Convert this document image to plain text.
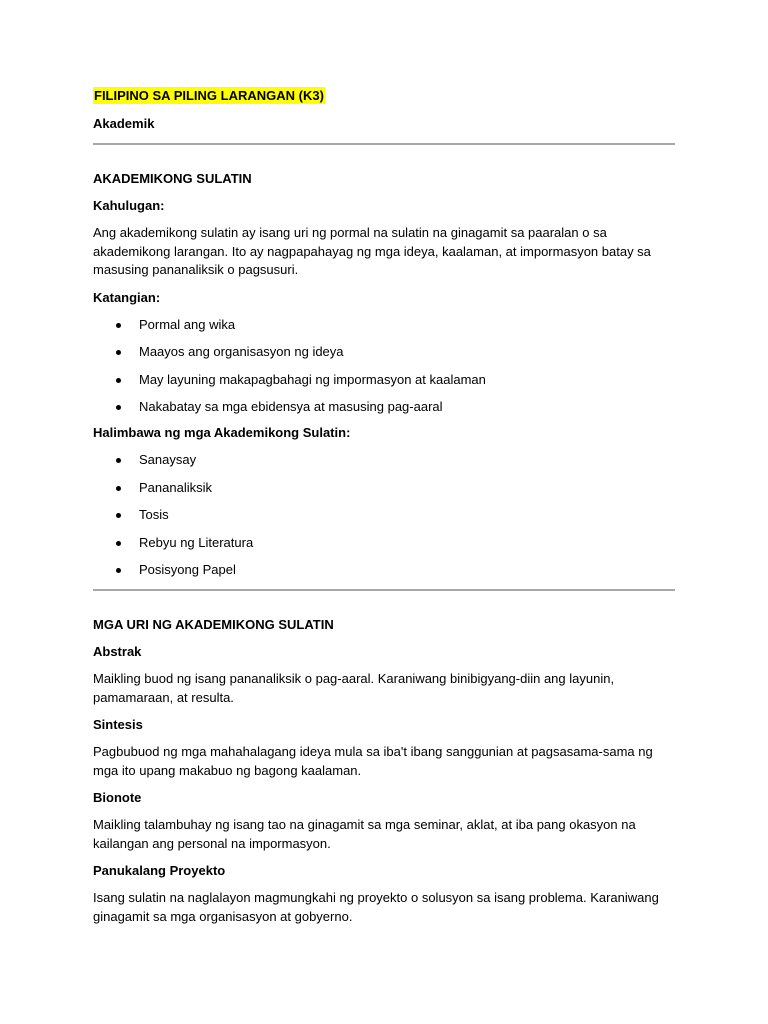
FILIPINO SA PILING LARANGAN (K3)
Akademik
AKADEMIKONG SULATIN
Kahulugan:

Ang akademikong sulatin ay isang uri ng pormal na sulatin na ginagamit sa paaralan o sa akademikong larangan. Ito ay nagpapahayag ng mga ideya, kaalaman, at impormasyon batay sa masusing pananaliksik o pagsusuri.

Katangian:
Pormal ang wika
Maayos ang organisasyon ng ideya
May layuning makapagbahagi ng impormasyon at kaalaman
Nakabatay sa mga ebidensya at masusing pag-aaral
Halimbawa ng mga Akademikong Sulatin:
Sanaysay
Pananaliksik
Tosis
Rebyu ng Literatura
Posisyong Papel
MGA URI NG AKADEMIKONG SULATIN
Abstrak

Maikling buod ng isang pananaliksik o pag-aaral. Karaniwang binibigyang-diin ang layunin, pamamaraan, at resulta.

Sintesis

Pagbubuod ng mga mahahalagang ideya mula sa iba't ibang sanggunian at pagsasama-sama ng mga ito upang makabuo ng bagong kaalaman.

Bionote

Maikling talambuhay ng isang tao na ginagamit sa mga seminar, aklat, at iba pang okasyon na kailangan ang personal na impormasyon.

Panukalang Proyekto

Isang sulatin na naglalayon magmungkahi ng proyekto o solusyon sa isang problema. Karaniwang ginagamit sa mga organisasyon at gobyerno.
